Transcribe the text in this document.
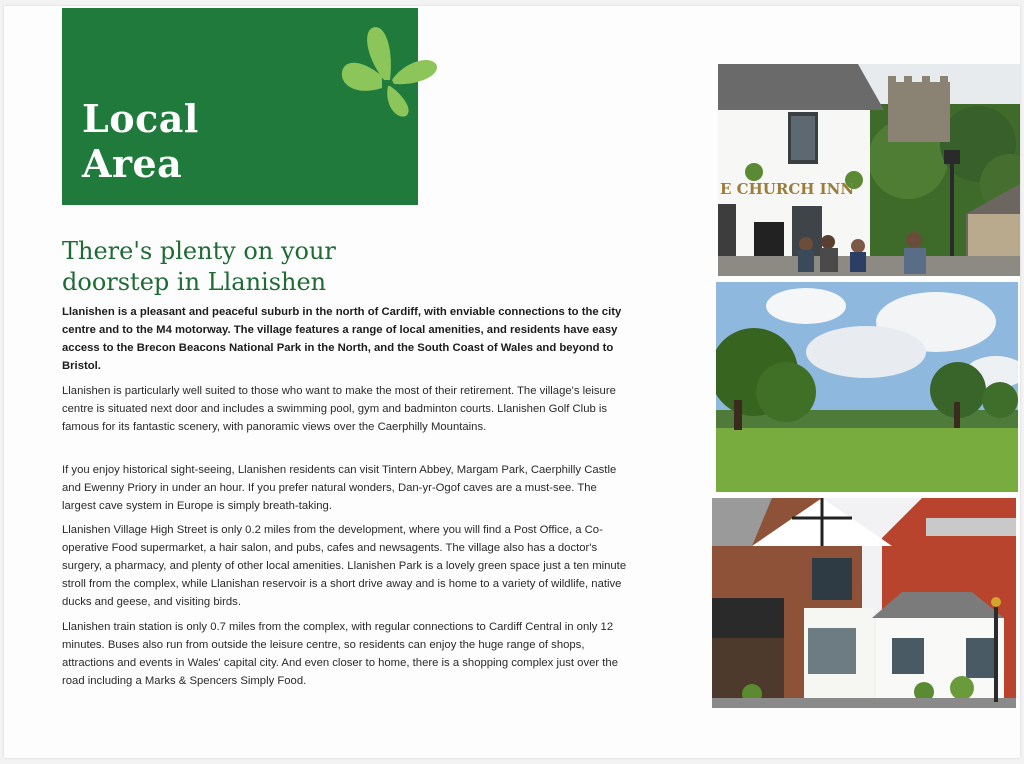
Local
Area
There's plenty on your
doorstep in Llanishen
Llanishen is a pleasant and peaceful suburb in the north of Cardiff, with enviable connections to the city centre and to the M4 motorway. The village features a range of local amenities, and residents have easy access to the Brecon Beacons National Park in the North, and the South Coast of Wales and beyond to Bristol.
Llanishen is particularly well suited to those who want to make the most of their retirement. The village's leisure centre is situated next door and includes a swimming pool, gym and badminton courts. Llanishen Golf Club is famous for its fantastic scenery, with panoramic views over the Caerphilly Mountains.
If you enjoy historical sight-seeing, Llanishen residents can visit Tintern Abbey, Margam Park, Caerphilly Castle and Ewenny Priory in under an hour. If you prefer natural wonders, Dan-yr-Ogof caves are a must-see. The largest cave system in Europe is simply breath-taking.
Llanishen Village High Street is only 0.2 miles from the development, where you will find a Post Office, a Co-operative Food supermarket, a hair salon, and pubs, cafes and newsagents. The village also has a doctor's surgery, a pharmacy, and plenty of other local amenities. Llanishen Park is a lovely green space just a ten minute stroll from the complex, while Llanishan reservoir is a short drive away and is home to a variety of wildlife, native ducks and geese, and visiting birds.
Llanishen train station is only 0.7 miles from the complex, with regular connections to Cardiff Central in only 12 minutes. Buses also run from outside the leisure centre, so residents can enjoy the huge range of shops, attractions and events in Wales' capital city. And even closer to home, there is a shopping complex just over the road including a Marks & Spencers Simply Food.
E CHURCH INN
